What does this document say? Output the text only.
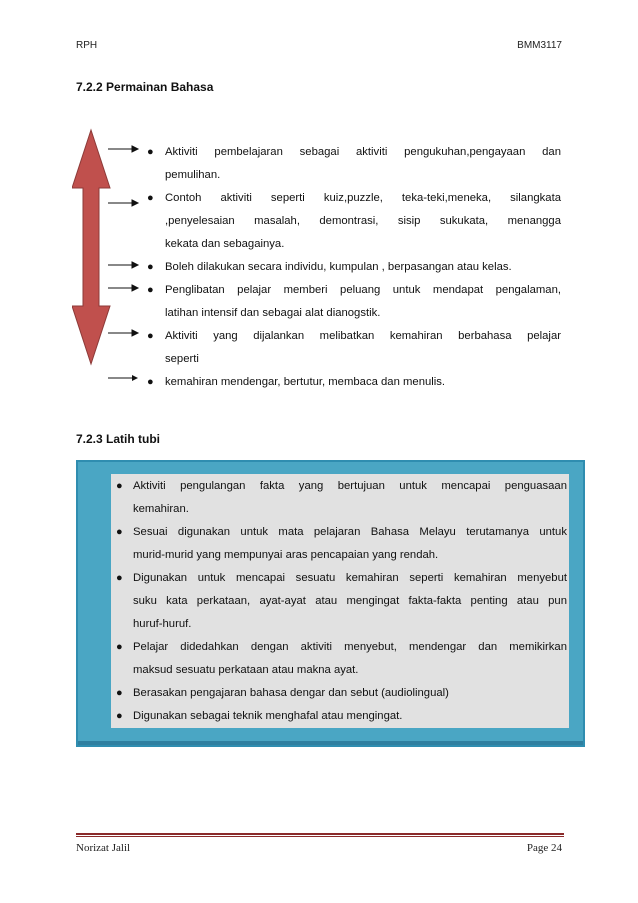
RPH	BMM3117
7.2.2 Permainan Bahasa
● Aktiviti pembelajaran sebagai aktiviti pengukuhan,pengayaan dan
pemulihan.
● Contoh aktiviti seperti kuiz,puzzle, teka-teki,meneka, silangkata
,penyelesaian masalah, demontrasi, sisip sukukata, menangga
kekata dan sebagainya.
● Boleh dilakukan secara individu, kumpulan , berpasangan atau kelas.
● Penglibatan pelajar memberi peluang untuk mendapat pengalaman,
latihan intensif dan sebagai alat dianogstik.
● Aktiviti yang dijalankan melibatkan kemahiran berbahasa pelajar
seperti
● kemahiran mendengar, bertutur, membaca dan menulis.
7.2.3 Latih tubi
● Aktiviti pengulangan fakta yang bertujuan untuk mencapai penguasaan
kemahiran.
● Sesuai digunakan untuk mata pelajaran Bahasa Melayu terutamanya untuk
murid-murid yang mempunyai aras pencapaian yang rendah.
● Digunakan untuk mencapai sesuatu kemahiran seperti kemahiran menyebut
suku kata perkataan, ayat-ayat atau mengingat fakta-fakta penting atau pun
huruf-huruf.
● Pelajar didedahkan dengan aktiviti menyebut, mendengar dan memikirkan
maksud sesuatu perkataan atau makna ayat.
● Berasakan pengajaran bahasa dengar dan sebut (audiolingual)
● Digunakan sebagai teknik menghafal atau mengingat.
Norizat Jalil	Page 24
